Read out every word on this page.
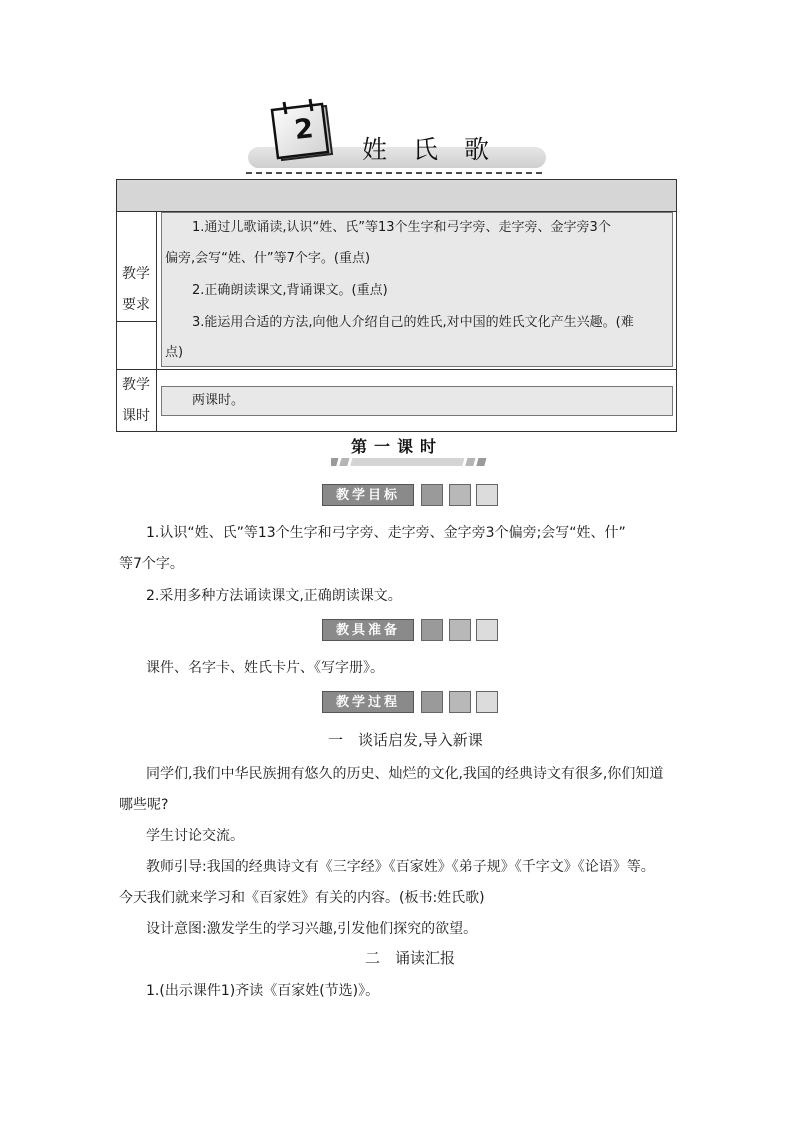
2
姓氏歌
教学
要求
1.通过儿歌诵读,认识“姓、氏”等13个生字和弓字旁、走字旁、金字旁3个
偏旁,会写“姓、什”等7个字。(重点)
2.正确朗读课文,背诵课文。(重点)
3.能运用合适的方法,向他人介绍自己的姓氏,对中国的姓氏文化产生兴趣。(难
点)
教学
课时
两课时。
第一课时
教学目标
1.认识“姓、氏”等13个生字和弓字旁、走字旁、金字旁3个偏旁;会写“姓、什”
等7个字。
2.采用多种方法诵读课文,正确朗读课文。
教具准备
课件、名字卡、姓氏卡片、《写字册》。
教学过程
一　谈话启发,导入新课
同学们,我们中华民族拥有悠久的历史、灿烂的文化,我国的经典诗文有很多,你们知道
哪些呢?
学生讨论交流。
教师引导:我国的经典诗文有《三字经》《百家姓》《弟子规》《千字文》《论语》等。
今天我们就来学习和《百家姓》有关的内容。(板书:姓氏歌)
设计意图:激发学生的学习兴趣,引发他们探究的欲望。
二　诵读汇报
1.(出示课件1)齐读《百家姓(节选)》。
